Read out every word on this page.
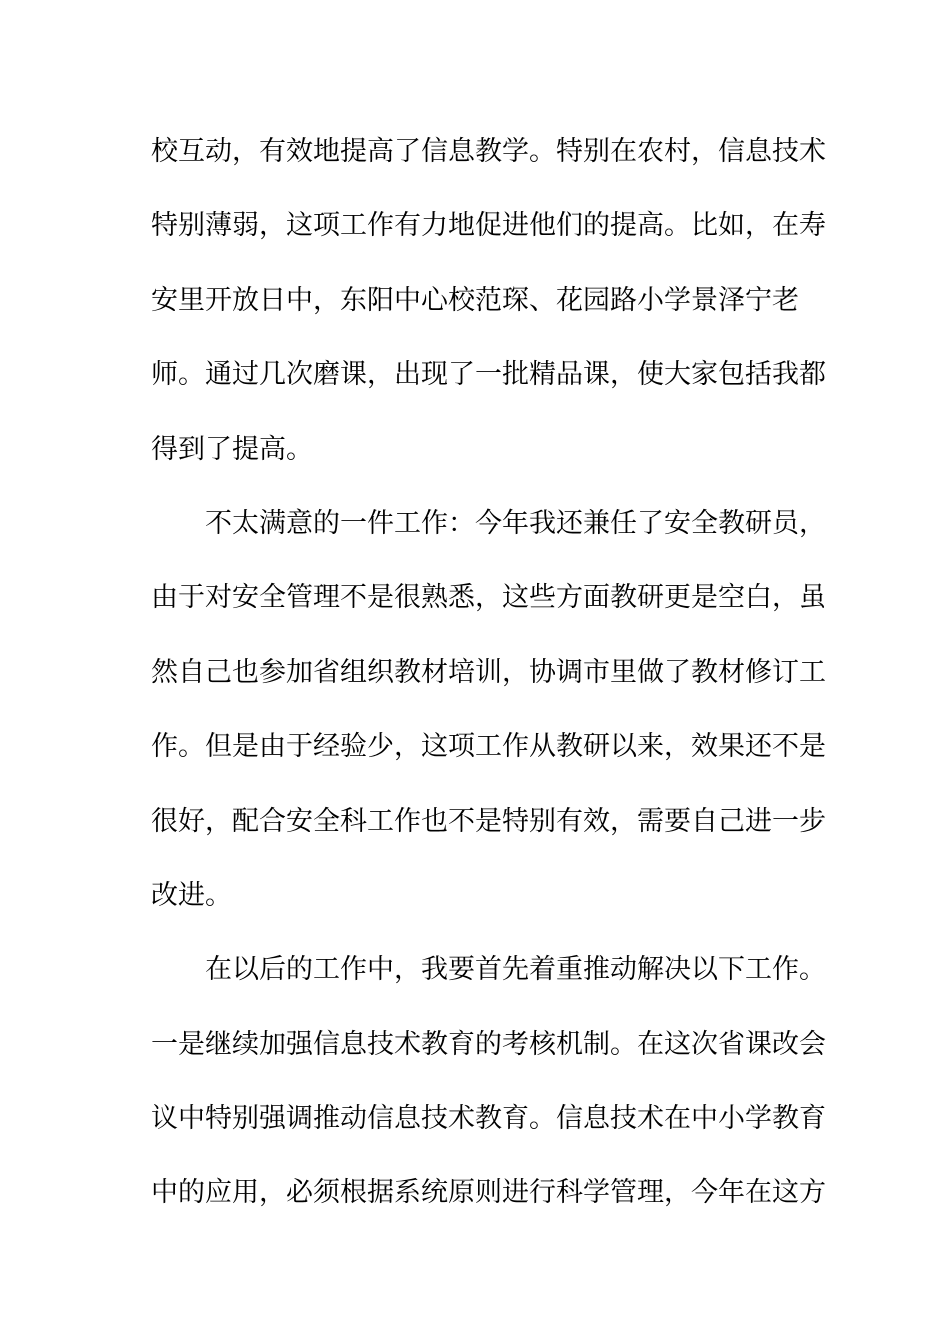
校互动，有效地提高了信息教学。特别在农村，信息技术
特别薄弱，这项工作有力地促进他们的提高。比如，在寿
安里开放日中，东阳中心校范琛、花园路小学景泽宁老
师。通过几次磨课，出现了一批精品课，使大家包括我都
得到了提高。
不太满意的一件工作：今年我还兼任了安全教研员，
由于对安全管理不是很熟悉，这些方面教研更是空白，虽
然自己也参加省组织教材培训，协调市里做了教材修订工
作。但是由于经验少，这项工作从教研以来，效果还不是
很好，配合安全科工作也不是特别有效，需要自己进一步
改进。
在以后的工作中，我要首先着重推动解决以下工作。
一是继续加强信息技术教育的考核机制。在这次省课改会
议中特别强调推动信息技术教育。信息技术在中小学教育
中的应用，必须根据系统原则进行科学管理，今年在这方
